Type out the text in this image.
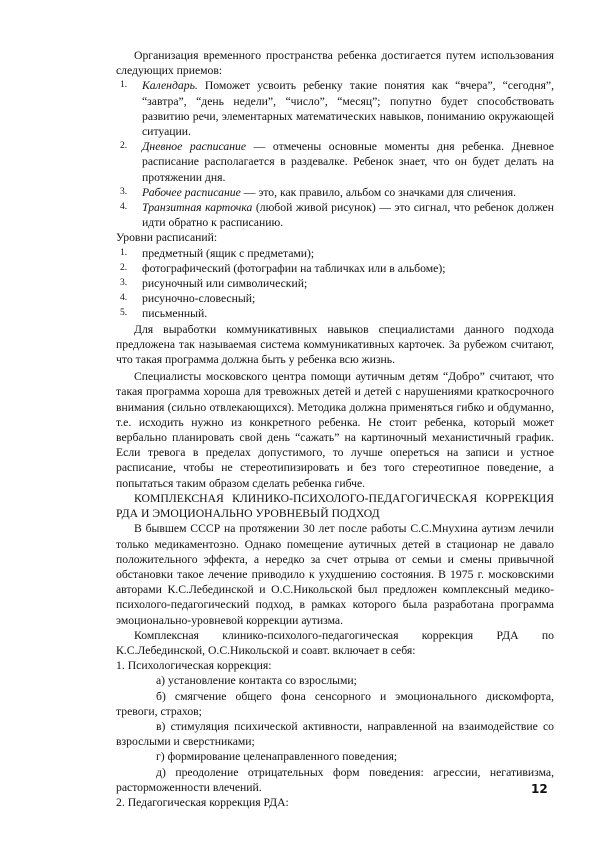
Организация временного пространства ребенка достигается путем использования следующих приемов:

1.	Календарь. Поможет усвоить ребенку такие понятия как “вчера”, “сегодня”, “завтра”, “день недели”, “число”, “месяц”; попутно будет способствовать развитию речи, элементарных математических навыков, пониманию окружающей ситуации.
2.	Дневное расписание — отмечены основные моменты дня ребенка. Дневное расписание располагается в раздевалке. Ребенок знает, что он будет делать на протяжении дня.
3.	Рабочее расписание — это, как правило, альбом со значками для сличения.
4.	Транзитная карточка (любой живой рисунок) — это сигнал, что ребенок должен идти обратно к расписанию.

Уровни расписаний:

1.	предметный (ящик с предметами);
2.	фотографический (фотографии на табличках или в альбоме);
3.	рисуночный или символический;
4.	рисуночно-словесный;
5.	письменный.

Для выработки коммуникативных навыков специалистами данного подхода предложена так называемая система коммуникативных карточек. За рубежом считают, что такая программа должна быть у ребенка всю жизнь.

Специалисты московского центра помощи аутичным детям “Добро” считают, что такая программа хороша для тревожных детей и детей с нарушениями краткосрочного внимания (сильно отвлекающихся). Методика должна применяться гибко и обдуманно, т.е. исходить нужно из конкретного ребенка. Не стоит ребенка, который может вербально планировать свой день “сажать” на картиночный механистичный график. Если тревога в пределах допустимого, то лучше опереться на записи и устное расписание, чтобы не стереотипизировать и без того стереотипное поведение, а попытаться таким образом сделать ребенка гибче.

КОМПЛЕКСНАЯ КЛИНИКО-ПСИХОЛОГО-ПЕДАГОГИЧЕСКАЯ КОРРЕКЦИЯ РДА И ЭМОЦИОНАЛЬНО УРОВНЕВЫЙ ПОДХОД

В бывшем СССР на протяжении 30 лет после работы С.С.Мнухина аутизм лечили только медикаментозно. Однако помещение аутичных детей в стационар не давало положительного эффекта, а нередко за счет отрыва от семьи и смены привычной обстановки такое лечение приводило к ухудшению состояния. В 1975 г. московскими авторами К.С.Лебединской и О.С.Никольской был предложен комплексный медико-психолого-педагогический подход, в рамках которого была разработана программа эмоционально-уровневой коррекции аутизма.

Комплексная клинико-психолого-педагогическая коррекция РДА по К.С.Лебединской, О.С.Никольской и соавт. включает в себя:

1. Психологическая коррекция:

а) установление контакта со взрослыми;

б) смягчение общего фона сенсорного и эмоционального дискомфорта, тревоги, страхов;

в) стимуляция психической активности, направленной на взаимодействие со взрослыми и сверстниками;

г) формирование целенаправленного поведения;

д) преодоление отрицательных форм поведения: агрессии, негативизма, расторможенности влечений.

2. Педагогическая коррекция РДА:

12
